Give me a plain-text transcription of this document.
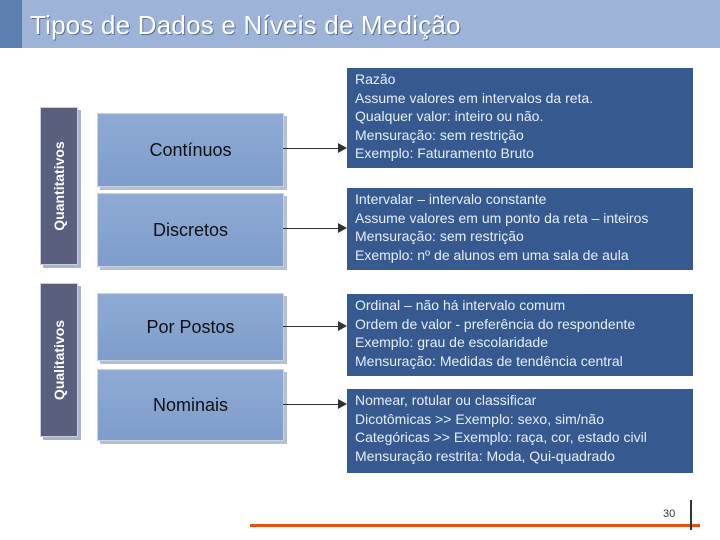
Tipos de Dados e Níveis de Medição
Quantitativos
Qualitativos
Contínuos
Discretos
Por Postos
Nominais
Razão
Assume valores em intervalos da reta.
Qualquer valor: inteiro ou não.
Mensuração: sem restrição
Exemplo: Faturamento Bruto
Intervalar – intervalo constante
Assume valores em um ponto da reta – inteiros
Mensuração: sem restrição
Exemplo: nº de alunos em uma sala de aula
Ordinal – não há intervalo comum
Ordem de valor - preferência do respondente
Exemplo: grau de escolaridade
Mensuração: Medidas de tendência central
Nomear, rotular ou classificar
Dicotômicas >> Exemplo: sexo, sim/não
Categóricas >> Exemplo: raça, cor, estado civil
Mensuração restrita: Moda, Qui-quadrado
30
